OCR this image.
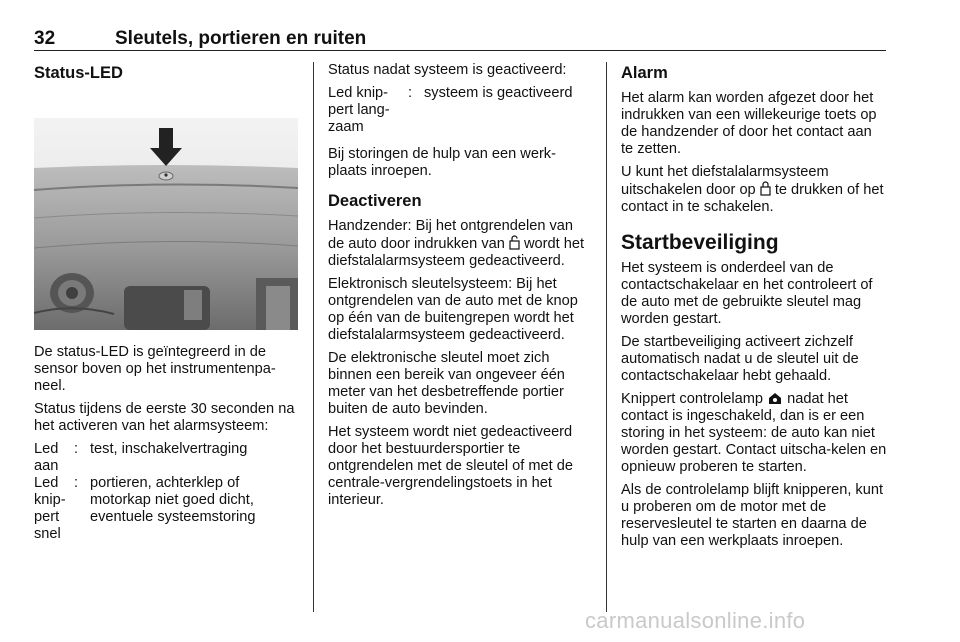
32	Sleutels, portieren en ruiten
Status-LED

De status-LED is geïntegreerd in de sensor boven op het instrumentenpa-neel.

Status tijdens de eerste 30 seconden na het activeren van het alarmsysteem:

Led aan	:	test, inschakelvertraging
Led knip-pert snel	:	portieren, achterklep of motorkap niet goed dicht, eventuele systeemstoring

Status nadat systeem is geactiveerd:

Led knip-pert lang-zaam	:	systeem is geactiveerd

Bij storingen de hulp van een werk-plaats inroepen.

Deactiveren

Handzender: Bij het ontgrendelen van de auto door indrukken van wordt het diefstalalarmsysteem gedeactiveerd.

Elektronisch sleutelsysteem: Bij het ontgrendelen van de auto met de knop op één van de buitengrepen wordt het diefstalalarmsysteem gedeactiveerd.

De elektronische sleutel moet zich binnen een bereik van ongeveer één meter van het desbetreffende portier buiten de auto bevinden.

Het systeem wordt niet gedeactiveerd door het bestuurdersportier te ontgrendelen met de sleutel of met de centrale-vergrendelingstoets in het interieur.

Alarm

Het alarm kan worden afgezet door het indrukken van een willekeurige toets op de handzender of door het contact aan te zetten.

U kunt het diefstalalarmsysteem uitschakelen door op te drukken of het contact in te schakelen.

Startbeveiliging

Het systeem is onderdeel van de contactschakelaar en het controleert of de auto met de gebruikte sleutel mag worden gestart.

De startbeveiliging activeert zichzelf automatisch nadat u de sleutel uit de contactschakelaar hebt gehaald.

Knippert controlelamp nadat het contact is ingeschakeld, dan is er een storing in het systeem: de auto kan niet worden gestart. Contact uitscha-kelen en opnieuw proberen te starten.

Als de controlelamp blijft knipperen, kunt u proberen om de motor met de reservesleutel te starten en daarna de hulp van een werkplaats inroepen.

carmanualsonline.info
